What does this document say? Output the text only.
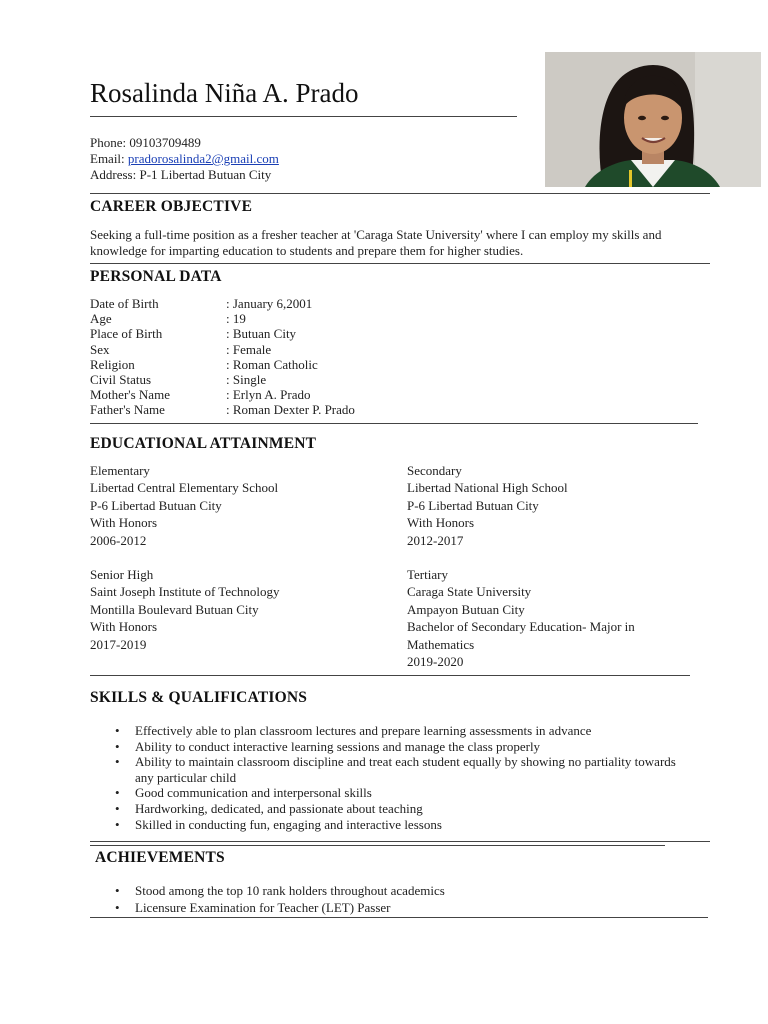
Rosalinda Niña A. Prado
Phone: 09103709489
Email: pradorosalinda2@gmail.com
Address: P-1 Libertad Butuan City
CAREER OBJECTIVE
Seeking a full-time position as a fresher teacher at 'Caraga State University' where I can employ my skills and knowledge for imparting education to students and prepare them for higher studies.
PERSONAL DATA
Date of Birth	: January 6,2001
Age	: 19
Place of Birth	: Butuan City
Sex	: Female
Religion	: Roman Catholic
Civil Status	: Single
Mother's Name	: Erlyn A. Prado
Father's Name	: Roman Dexter P. Prado
EDUCATIONAL ATTAINMENT
Elementary
Libertad Central Elementary School
P-6 Libertad Butuan City
With Honors
2006-2012
Secondary
Libertad National High School
P-6 Libertad Butuan City
With Honors
2012-2017
Senior High
Saint Joseph Institute of Technology
Montilla Boulevard Butuan City
With Honors
2017-2019
Tertiary
Caraga State University
Ampayon Butuan City
Bachelor of Secondary Education- Major in
Mathematics
2019-2020
SKILLS & QUALIFICATIONS
• Effectively able to plan classroom lectures and prepare learning assessments in advance
• Ability to conduct interactive learning sessions and manage the class properly
• Ability to maintain classroom discipline and treat each student equally by showing no partiality towards any particular child
• Good communication and interpersonal skills
• Hardworking, dedicated, and passionate about teaching
• Skilled in conducting fun, engaging and interactive lessons
ACHIEVEMENTS
• Stood among the top 10 rank holders throughout academics
• Licensure Examination for Teacher (LET) Passer
